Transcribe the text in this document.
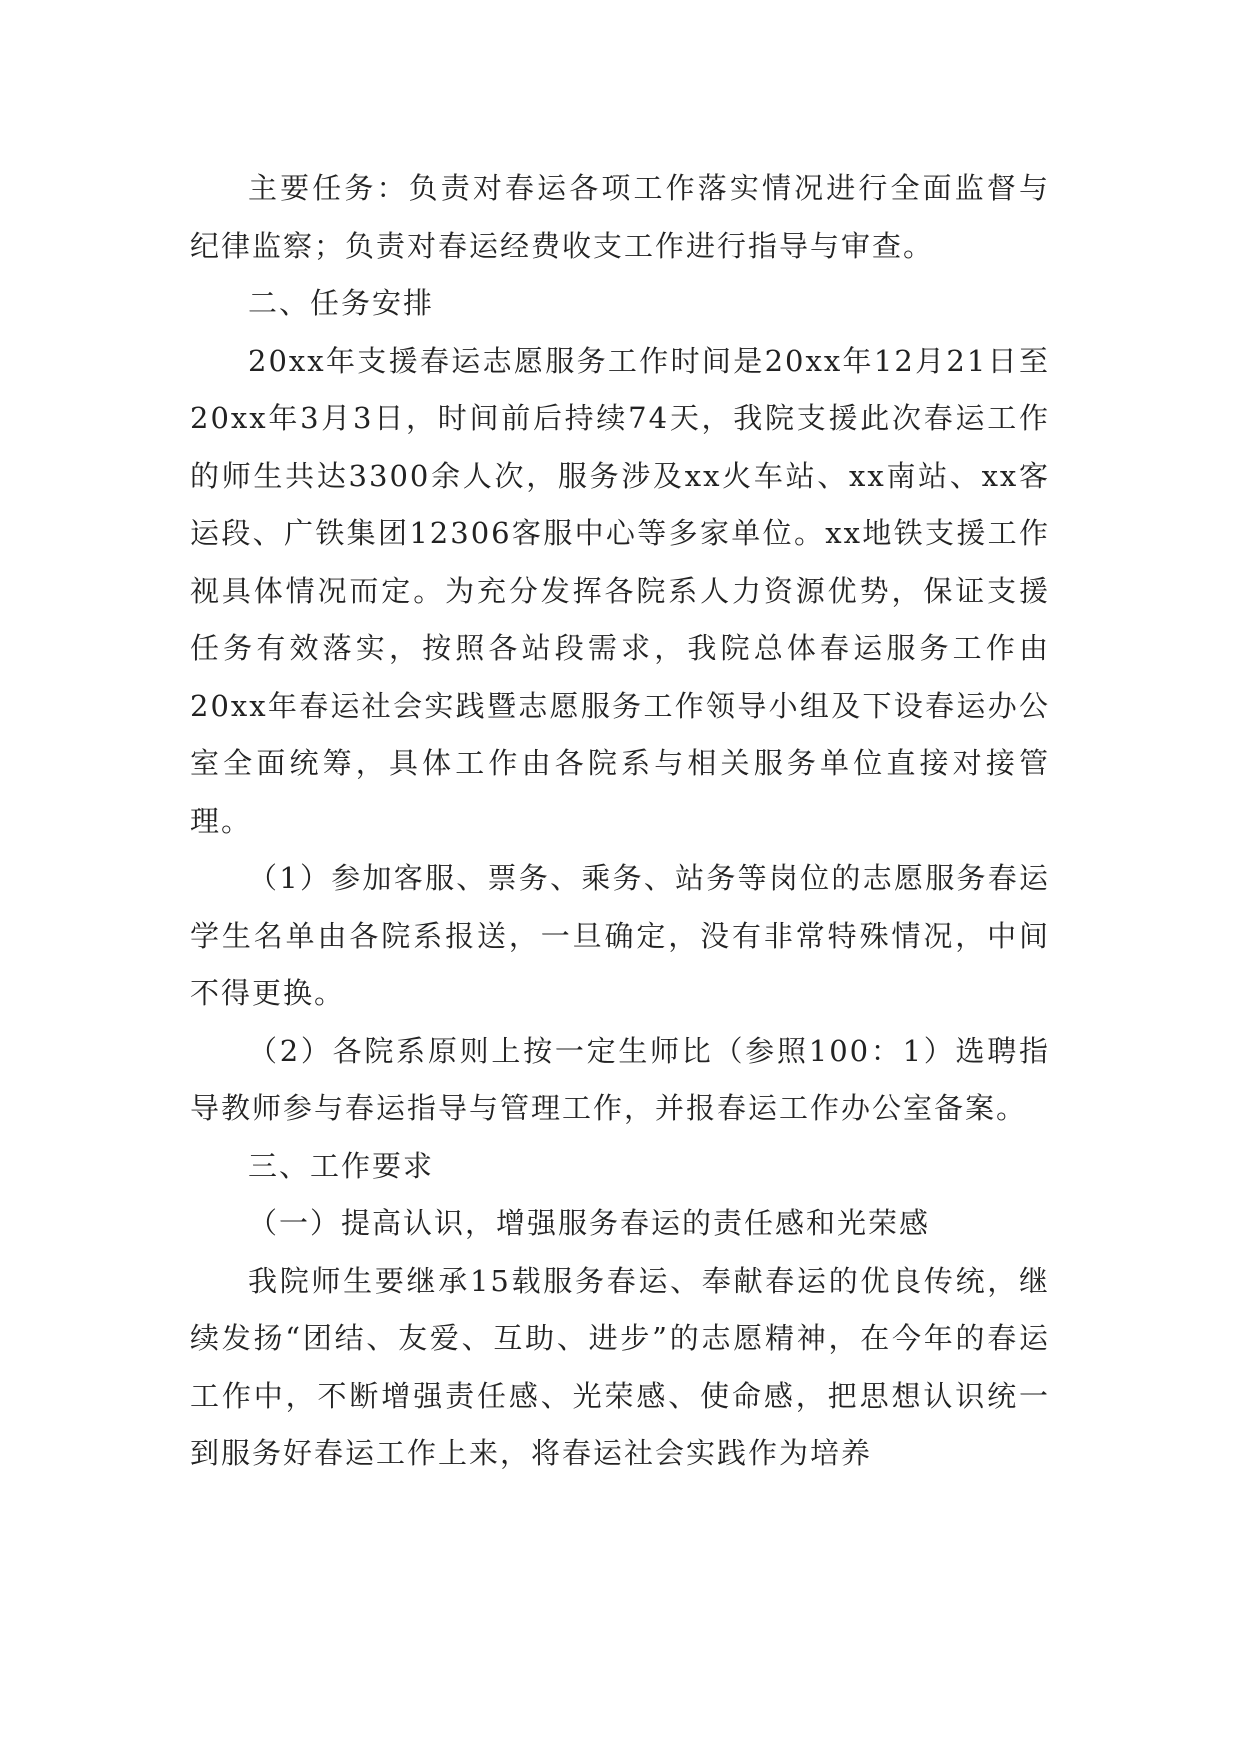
主要任务：负责对春运各项工作落实情况进行全面监督与纪律监察；负责对春运经费收支工作进行指导与审查。

二、任务安排

20xx年支援春运志愿服务工作时间是20xx年12月21日至20xx年3月3日，时间前后持续74天，我院支援此次春运工作的师生共达3300余人次，服务涉及xx火车站、xx南站、xx客运段、广铁集团12306客服中心等多家单位。xx地铁支援工作视具体情况而定。为充分发挥各院系人力资源优势，保证支援任务有效落实，按照各站段需求，我院总体春运服务工作由20xx年春运社会实践暨志愿服务工作领导小组及下设春运办公室全面统筹，具体工作由各院系与相关服务单位直接对接管理。

（1）参加客服、票务、乘务、站务等岗位的志愿服务春运学生名单由各院系报送，一旦确定，没有非常特殊情况，中间不得更换。

（2）各院系原则上按一定生师比（参照100：1）选聘指导教师参与春运指导与管理工作，并报春运工作办公室备案。

三、工作要求

（一）提高认识，增强服务春运的责任感和光荣感

我院师生要继承15载服务春运、奉献春运的优良传统，继续发扬“团结、友爱、互助、进步”的志愿精神，在今年的春运工作中，不断增强责任感、光荣感、使命感，把思想认识统一到服务好春运工作上来，将春运社会实践作为培养
